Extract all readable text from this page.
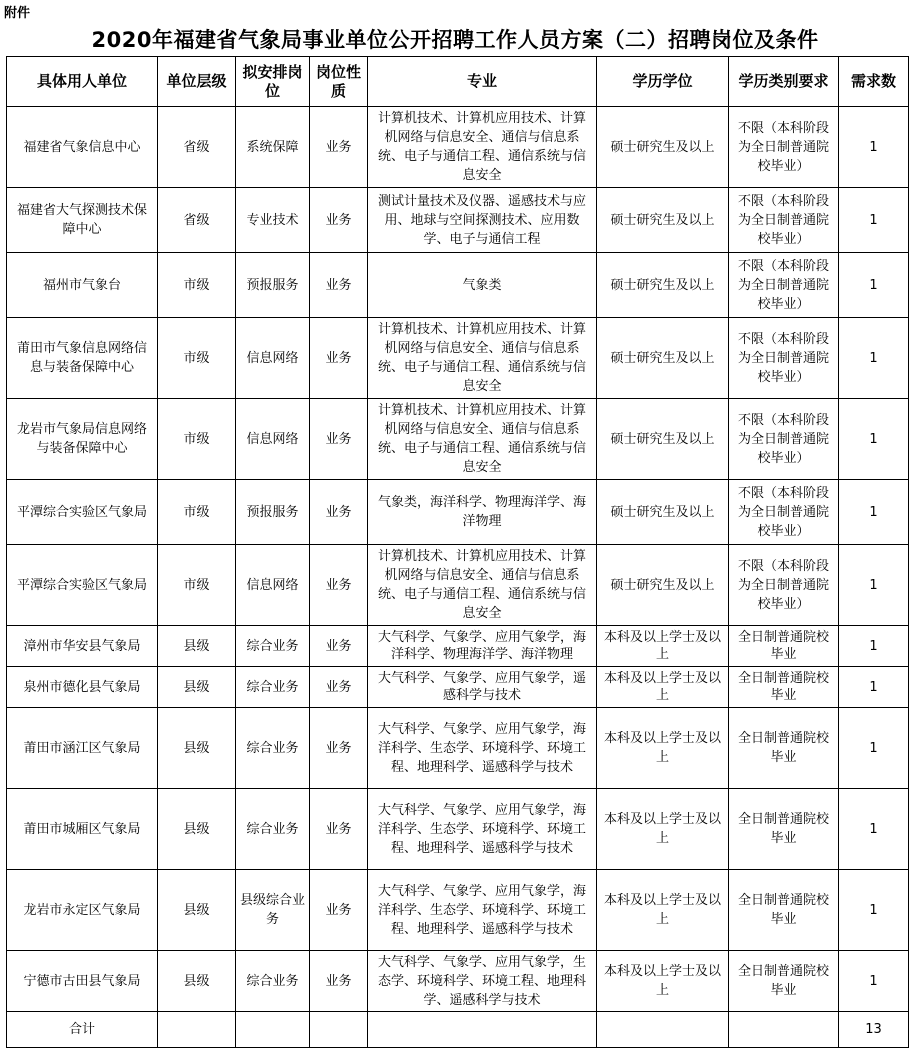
附件
2020年福建省气象局事业单位公开招聘工作人员方案（二）招聘岗位及条件
具体用人单位	单位层级	拟安排岗位	岗位性质	专业	学历学位	学历类别要求	需求数
福建省气象信息中心	省级	系统保障	业务	计算机技术、计算机应用技术、计算机网络与信息安全、通信与信息系统、电子与通信工程、通信系统与信息安全	硕士研究生及以上	不限（本科阶段为全日制普通院校毕业）	1
福建省大气探测技术保障中心	省级	专业技术	业务	测试计量技术及仪器、遥感技术与应用、地球与空间探测技术、应用数学、电子与通信工程	硕士研究生及以上	不限（本科阶段为全日制普通院校毕业）	1
福州市气象台	市级	预报服务	业务	气象类	硕士研究生及以上	不限（本科阶段为全日制普通院校毕业）	1
莆田市气象信息网络信息与装备保障中心	市级	信息网络	业务	计算机技术、计算机应用技术、计算机网络与信息安全、通信与信息系统、电子与通信工程、通信系统与信息安全	硕士研究生及以上	不限（本科阶段为全日制普通院校毕业）	1
龙岩市气象局信息网络与装备保障中心	市级	信息网络	业务	计算机技术、计算机应用技术、计算机网络与信息安全、通信与信息系统、电子与通信工程、通信系统与信息安全	硕士研究生及以上	不限（本科阶段为全日制普通院校毕业）	1
平潭综合实验区气象局	市级	预报服务	业务	气象类，海洋科学、物理海洋学、海洋物理	硕士研究生及以上	不限（本科阶段为全日制普通院校毕业）	1
平潭综合实验区气象局	市级	信息网络	业务	计算机技术、计算机应用技术、计算机网络与信息安全、通信与信息系统、电子与通信工程、通信系统与信息安全	硕士研究生及以上	不限（本科阶段为全日制普通院校毕业）	1
漳州市华安县气象局	县级	综合业务	业务	大气科学、气象学、应用气象学，海洋科学、物理海洋学、海洋物理	本科及以上学士及以上	全日制普通院校毕业	1
泉州市德化县气象局	县级	综合业务	业务	大气科学、气象学、应用气象学，遥感科学与技术	本科及以上学士及以上	全日制普通院校毕业	1
莆田市涵江区气象局	县级	综合业务	业务	大气科学、气象学、应用气象学，海洋科学、生态学、环境科学、环境工程、地理科学、遥感科学与技术	本科及以上学士及以上	全日制普通院校毕业	1
莆田市城厢区气象局	县级	综合业务	业务	大气科学、气象学、应用气象学，海洋科学、生态学、环境科学、环境工程、地理科学、遥感科学与技术	本科及以上学士及以上	全日制普通院校毕业	1
龙岩市永定区气象局	县级	县级综合业务	业务	大气科学、气象学、应用气象学，海洋科学、生态学、环境科学、环境工程、地理科学、遥感科学与技术	本科及以上学士及以上	全日制普通院校毕业	1
宁德市古田县气象局	县级	综合业务	业务	大气科学、气象学、应用气象学，生态学、环境科学、环境工程、地理科学、遥感科学与技术	本科及以上学士及以上	全日制普通院校毕业	1
合计							13
